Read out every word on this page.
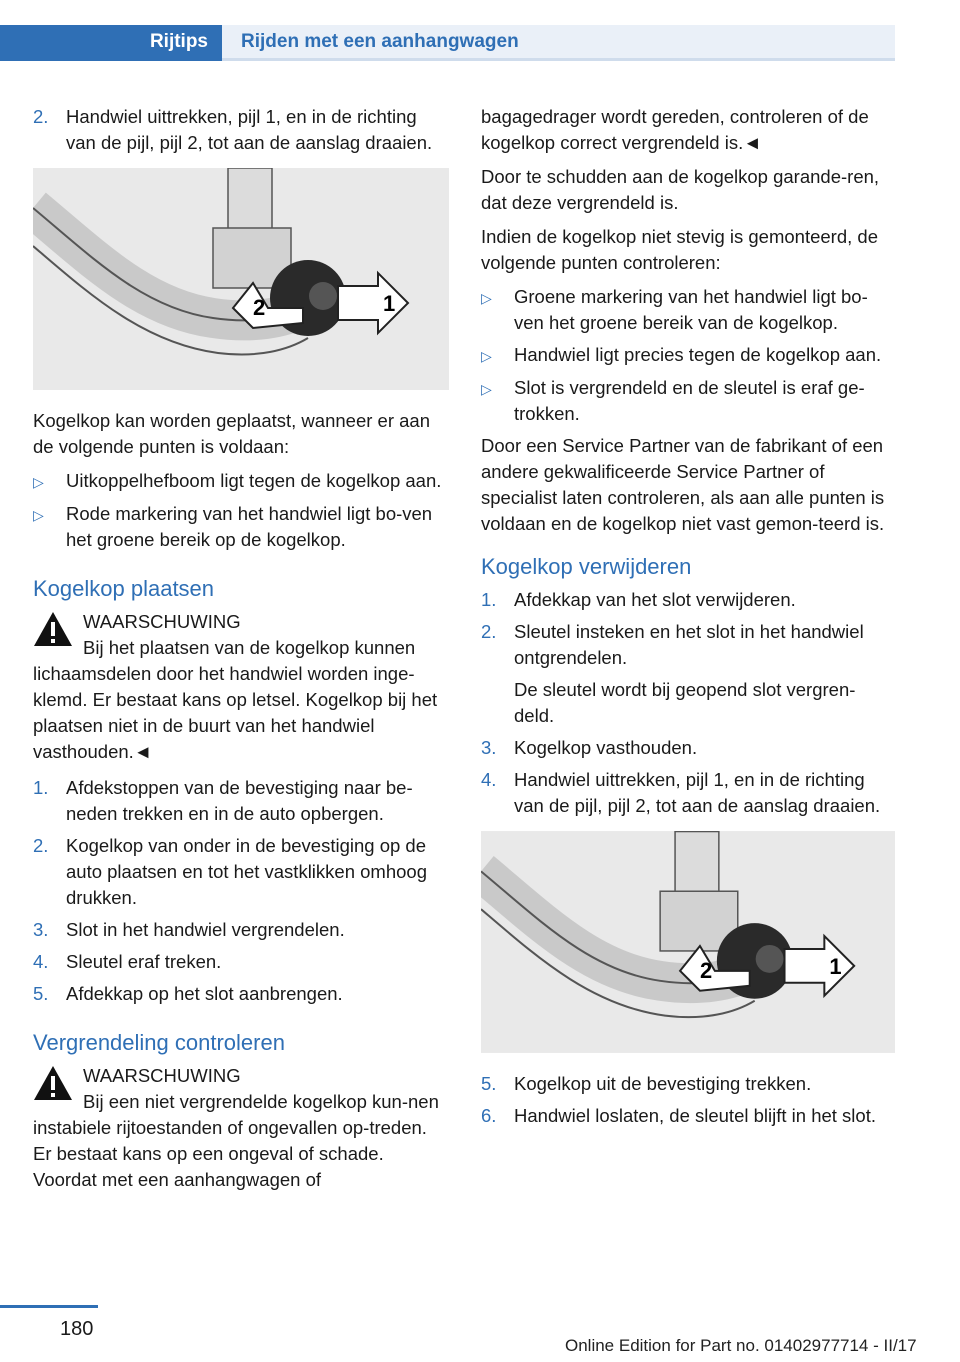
Rijtips Rijden met een aanhangwagen
2. Handwiel uittrekken, pijl 1, en in de richting van de pijl, pijl 2, tot aan de aanslag draaien.
1
2

Kogelkop kan worden geplaatst, wanneer er aan de volgende punten is voldaan:

▷	Uitkoppelhefboom ligt tegen de kogelkop aan.
▷	Rode markering van het handwiel ligt bo‐ven het groene bereik op de kogelkop.
Kogelkop plaatsen
WAARSCHUWING
Bij het plaatsen van de kogelkop kunnen lichaamsdelen door het handwiel worden inge‐klemd. Er bestaat kans op letsel. Kogelkop bij het plaatsen niet in de buurt van het handwiel vasthouden.◄
1. Afdekstoppen van de bevestiging naar be‐neden trekken en in de auto opbergen.
2. Kogelkop van onder in de bevestiging op de auto plaatsen en tot het vastklikken omhoog drukken.
3. Slot in het handwiel vergrendelen.
4. Sleutel eraf treken.
5. Afdekkap op het slot aanbrengen.
Vergrendeling controleren
WAARSCHUWING
Bij een niet vergrendelde kogelkop kun‐nen instabiele rijtoestanden of ongevallen op‐treden. Er bestaat kans op een ongeval of schade. Voordat met een aanhangwagen of

bagagedrager wordt gereden, controleren of de kogelkop correct vergrendeld is.◄

Door te schudden aan de kogelkop garande‐ren, dat deze vergrendeld is.

Indien de kogelkop niet stevig is gemonteerd, de volgende punten controleren:

▷	Groene markering van het handwiel ligt bo‐ven het groene bereik van de kogelkop.
▷	Handwiel ligt precies tegen de kogelkop aan.
▷	Slot is vergrendeld en de sleutel is eraf ge‐trokken.

Door een Service Partner van de fabrikant of een andere gekwalificeerde Service Partner of specialist laten controleren, als aan alle punten is voldaan en de kogelkop niet vast gemon‐teerd is.

Kogelkop verwijderen
1. Afdekkap van het slot verwijderen.
2. Sleutel insteken en het slot in het handwiel ontgrendelen.
De sleutel wordt bij geopend slot vergren‐deld.
3. Kogelkop vasthouden.
4. Handwiel uittrekken, pijl 1, en in de richting van de pijl, pijl 2, tot aan de aanslag draaien.
1
2
5. Kogelkop uit de bevestiging trekken.
6. Handwiel loslaten, de sleutel blijft in het slot.
180
Online Edition for Part no. 01402977714 - II/17
